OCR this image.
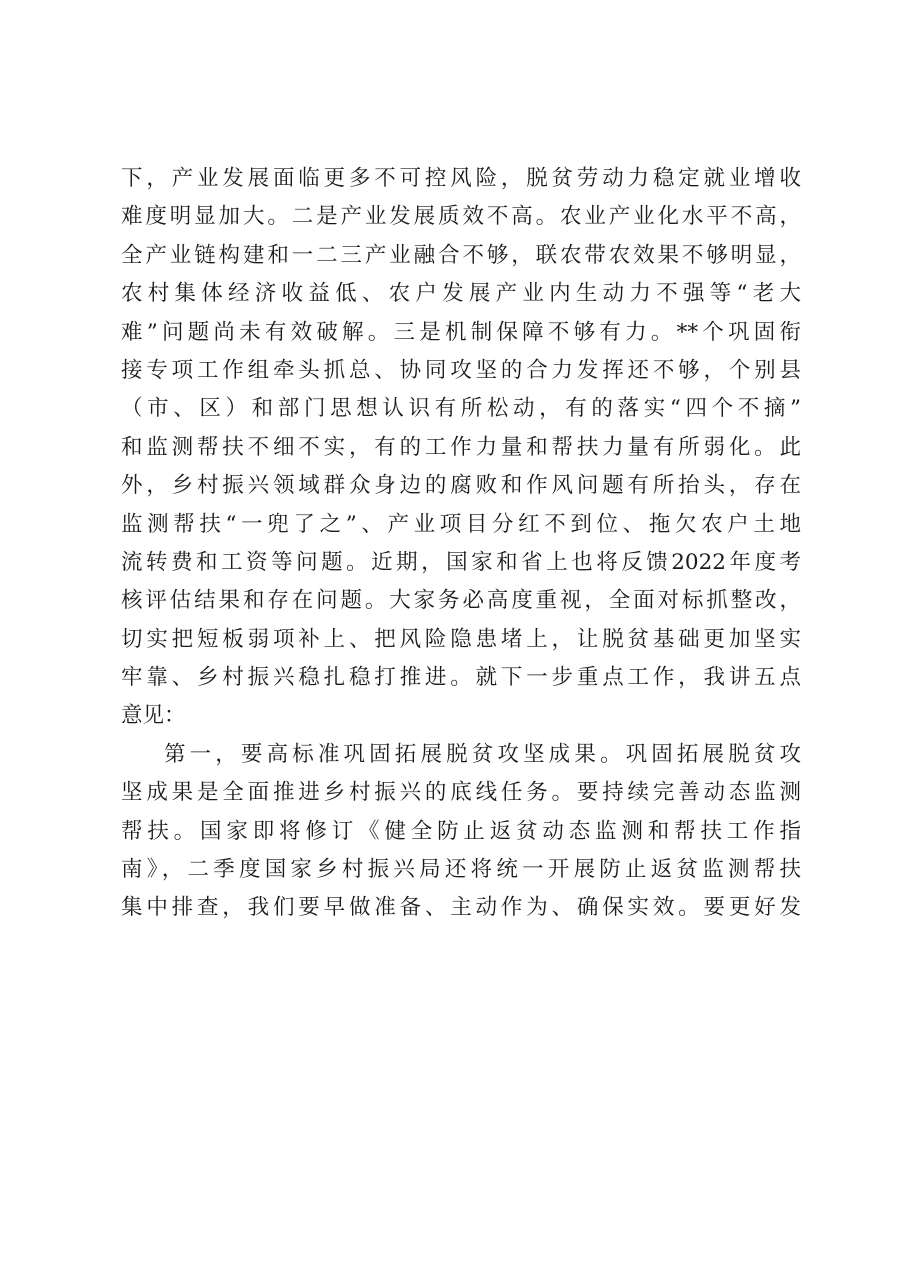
下，产业发展面临更多不可控风险，脱贫劳动力稳定就业增收
难度明显加大。二是产业发展质效不高。农业产业化水平不高，
全产业链构建和一二三产业融合不够，联农带农效果不够明显，
农村集体经济收益低、农户发展产业内生动力不强等“老大
难”问题尚未有效破解。三是机制保障不够有力。**个巩固衔
接专项工作组牵头抓总、协同攻坚的合力发挥还不够，个别县
（市、区）和部门思想认识有所松动，有的落实“四个不摘”
和监测帮扶不细不实，有的工作力量和帮扶力量有所弱化。此
外，乡村振兴领域群众身边的腐败和作风问题有所抬头，存在
监测帮扶“一兜了之”、产业项目分红不到位、拖欠农户土地
流转费和工资等问题。近期，国家和省上也将反馈2022年度考
核评估结果和存在问题。大家务必高度重视，全面对标抓整改，
切实把短板弱项补上、把风险隐患堵上，让脱贫基础更加坚实
牢靠、乡村振兴稳扎稳打推进。就下一步重点工作，我讲五点
意见：
第一，要高标准巩固拓展脱贫攻坚成果。巩固拓展脱贫攻
坚成果是全面推进乡村振兴的底线任务。要持续完善动态监测
帮扶。国家即将修订《健全防止返贫动态监测和帮扶工作指
南》，二季度国家乡村振兴局还将统一开展防止返贫监测帮扶
集中排查，我们要早做准备、主动作为、确保实效。要更好发
